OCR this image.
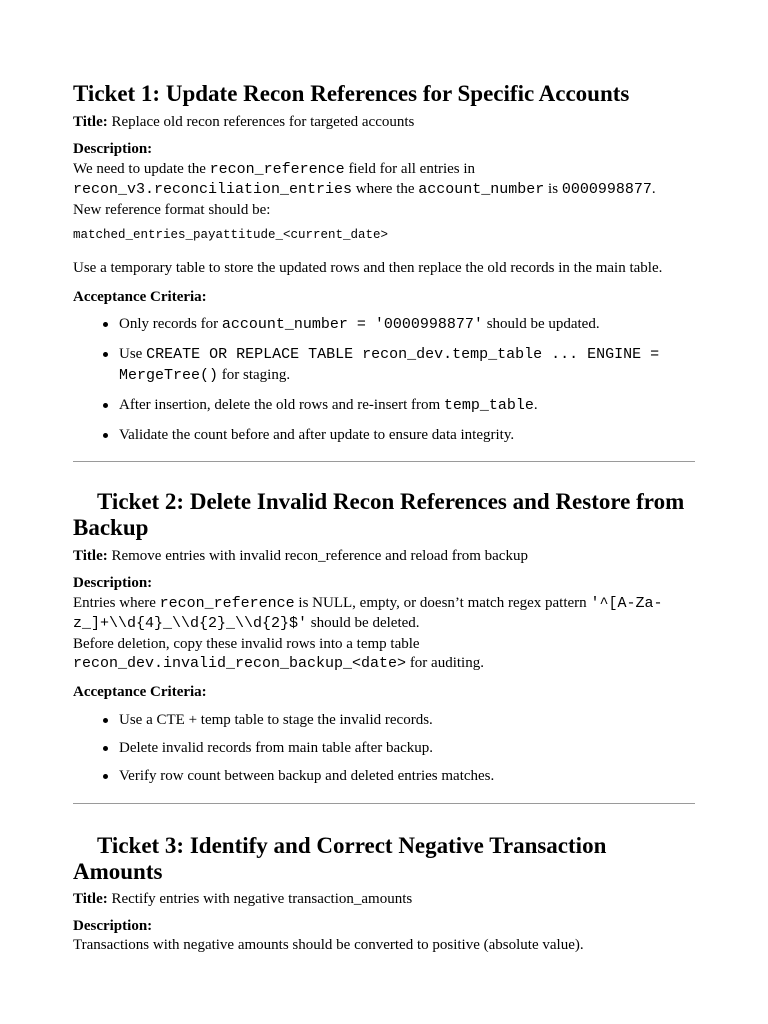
Ticket 1: Update Recon References for Specific Accounts

Title: Replace old recon references for targeted accounts

Description:

We need to update the recon_reference field for all entries in

recon_v3.reconciliation_entries where the account_number is 0000998877.

New reference format should be:

matched_entries_payattitude_<current_date>

Use a temporary table to store the updated rows and then replace the old records in the main table.

Acceptance Criteria:

Only records for account_number = '0000998877' should be updated.
Use CREATE OR REPLACE TABLE recon_dev.temp_table ... ENGINE =
MergeTree() for staging.
After insertion, delete the old rows and re-insert from temp_table.
Validate the count before and after update to ensure data integrity.
Ticket 2: Delete Invalid Recon References and Restore from
Backup

Title: Remove entries with invalid recon_reference and reload from backup

Description:

Entries where recon_reference is NULL, empty, or doesn’t match regex pattern '^[A-Za-

z_]+\\d{4}_\\d{2}_\\d{2}$' should be deleted.

Before deletion, copy these invalid rows into a temp table

recon_dev.invalid_recon_backup_<date> for auditing.

Acceptance Criteria:

Use a CTE + temp table to stage the invalid records.
Delete invalid records from main table after backup.
Verify row count between backup and deleted entries matches.
Ticket 3: Identify and Correct Negative Transaction
Amounts

Title: Rectify entries with negative transaction_amounts

Description:

Transactions with negative amounts should be converted to positive (absolute value).
